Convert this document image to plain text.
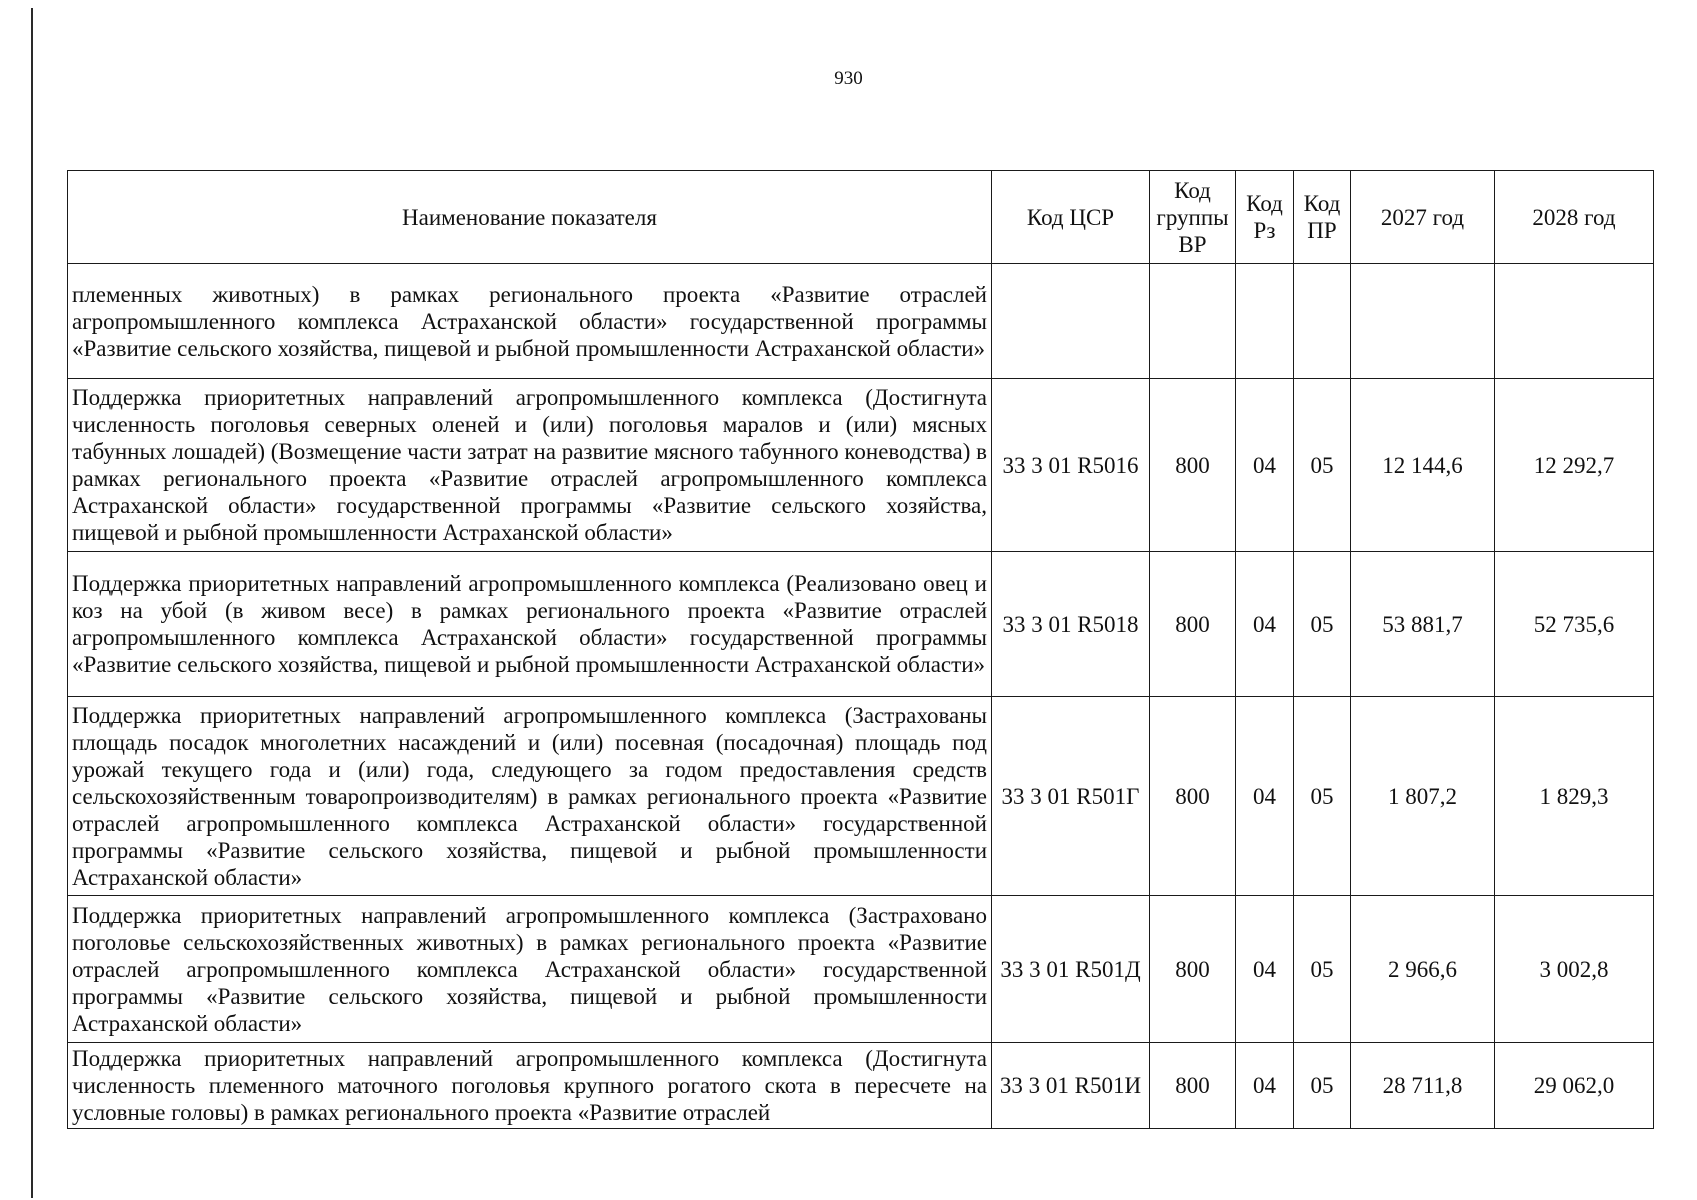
930
Наименование показателя	Код ЦСР	Код группы ВР	Код Рз	Код ПР	2027 год	2028 год
племенных животных) в рамках регионального проекта «Развитие отраслей агропромышленного комплекса Астраханской области» государственной программы «Развитие сельского хозяйства, пищевой и рыбной промышленности Астраханской области»						
Поддержка приоритетных направлений агропромышленного комплекса (Достигнута численность поголовья северных оленей и (или) поголовья маралов и (или) мясных табунных лошадей) (Возмещение части затрат на развитие мясного табунного коневодства) в рамках регионального проекта «Развитие отраслей агропромышленного комплекса Астраханской области» государственной программы «Развитие сельского хозяйства, пищевой и рыбной промышленности Астраханской области»	33 3 01 R5016	800	04	05	12 144,6	12 292,7
Поддержка приоритетных направлений агропромышленного комплекса (Реализовано овец и коз на убой (в живом весе) в рамках регионального проекта «Развитие отраслей агропромышленного комплекса Астраханской области» государственной программы «Развитие сельского хозяйства, пищевой и рыбной промышленности Астраханской области»	33 3 01 R5018	800	04	05	53 881,7	52 735,6
Поддержка приоритетных направлений агропромышленного комплекса (Застрахованы площадь посадок многолетних насаждений и (или) посевная (посадочная) площадь под урожай текущего года и (или) года, следующего за годом предоставления средств сельскохозяйственным товаропроизводителям) в рамках регионального проекта «Развитие отраслей агропромышленного комплекса Астраханской области» государственной программы «Развитие сельского хозяйства, пищевой и рыбной промышленности Астраханской области»	33 3 01 R501Г	800	04	05	1 807,2	1 829,3
Поддержка приоритетных направлений агропромышленного комплекса (Застраховано поголовье сельскохозяйственных животных) в рамках регионального проекта «Развитие отраслей агропромышленного комплекса Астраханской области» государственной программы «Развитие сельского хозяйства, пищевой и рыбной промышленности Астраханской области»	33 3 01 R501Д	800	04	05	2 966,6	3 002,8

Поддержка приоритетных направлений агропромышленного комплекса (Достигнута численность племенного маточного поголовья крупного рогатого скота в пересчете на условные головы) в рамках регионального проекта «Развитие отраслей	33 3 01 R501И	800	04	05	28 711,8	29 062,0
